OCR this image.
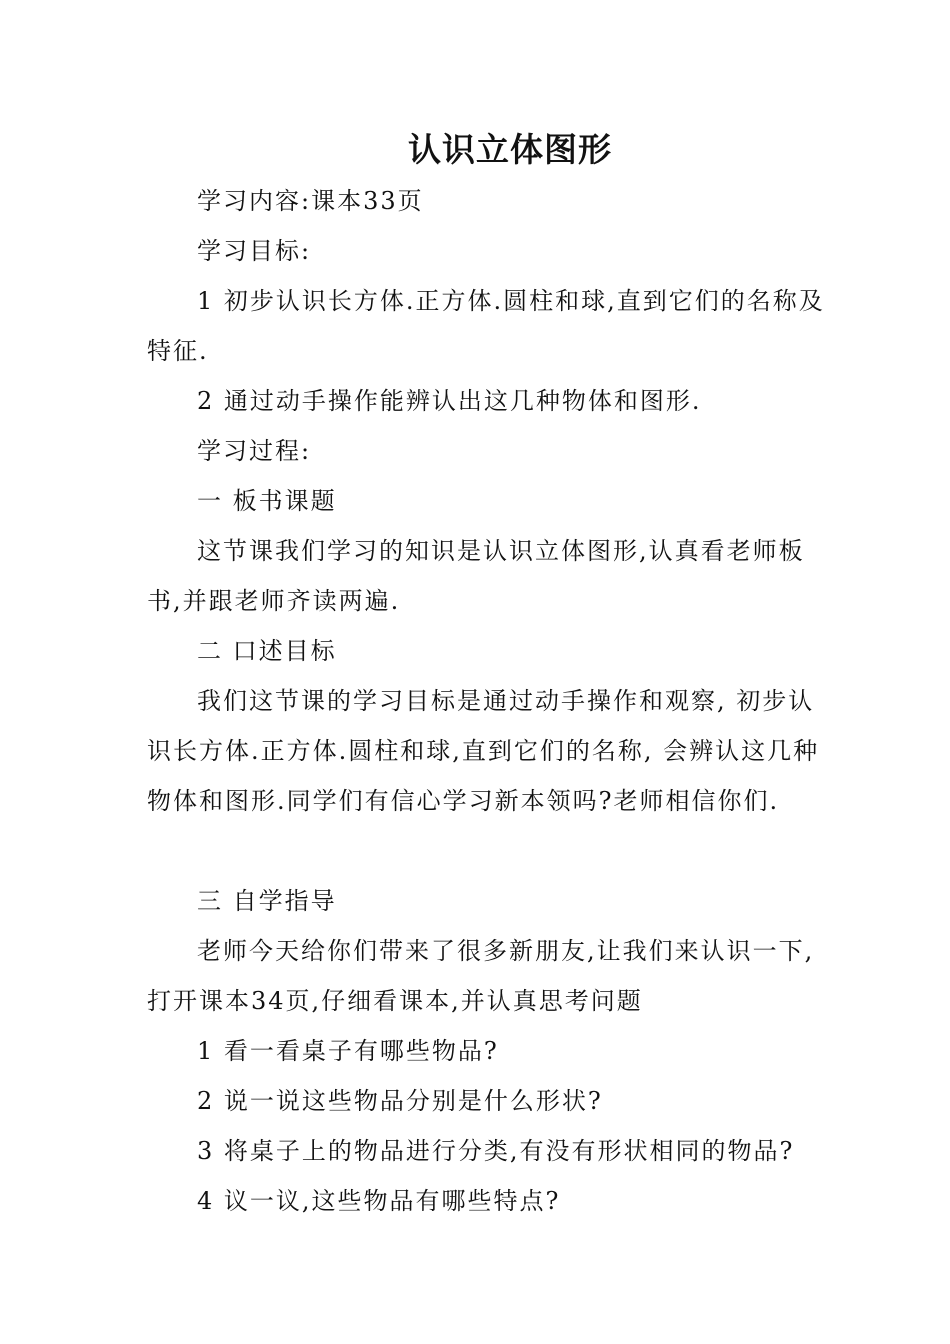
认识立体图形

学习内容:课本33页

学习目标:

1 初步认识长方体.正方体.圆柱和球,直到它们的名称及特征.

2 通过动手操作能辨认出这几种物体和图形.

学习过程:

一 板书课题

这节课我们学习的知识是认识立体图形,认真看老师板书,并跟老师齐读两遍.

二 口述目标

我们这节课的学习目标是通过动手操作和观察, 初步认识长方体.正方体.圆柱和球,直到它们的名称, 会辨认这几种物体和图形.同学们有信心学习新本领吗?老师相信你们.

三 自学指导

老师今天给你们带来了很多新朋友,让我们来认识一下,打开课本34页,仔细看课本,并认真思考问题

1 看一看桌子有哪些物品?

2 说一说这些物品分别是什么形状?

3 将桌子上的物品进行分类,有没有形状相同的物品?

4 议一议,这些物品有哪些特点?
